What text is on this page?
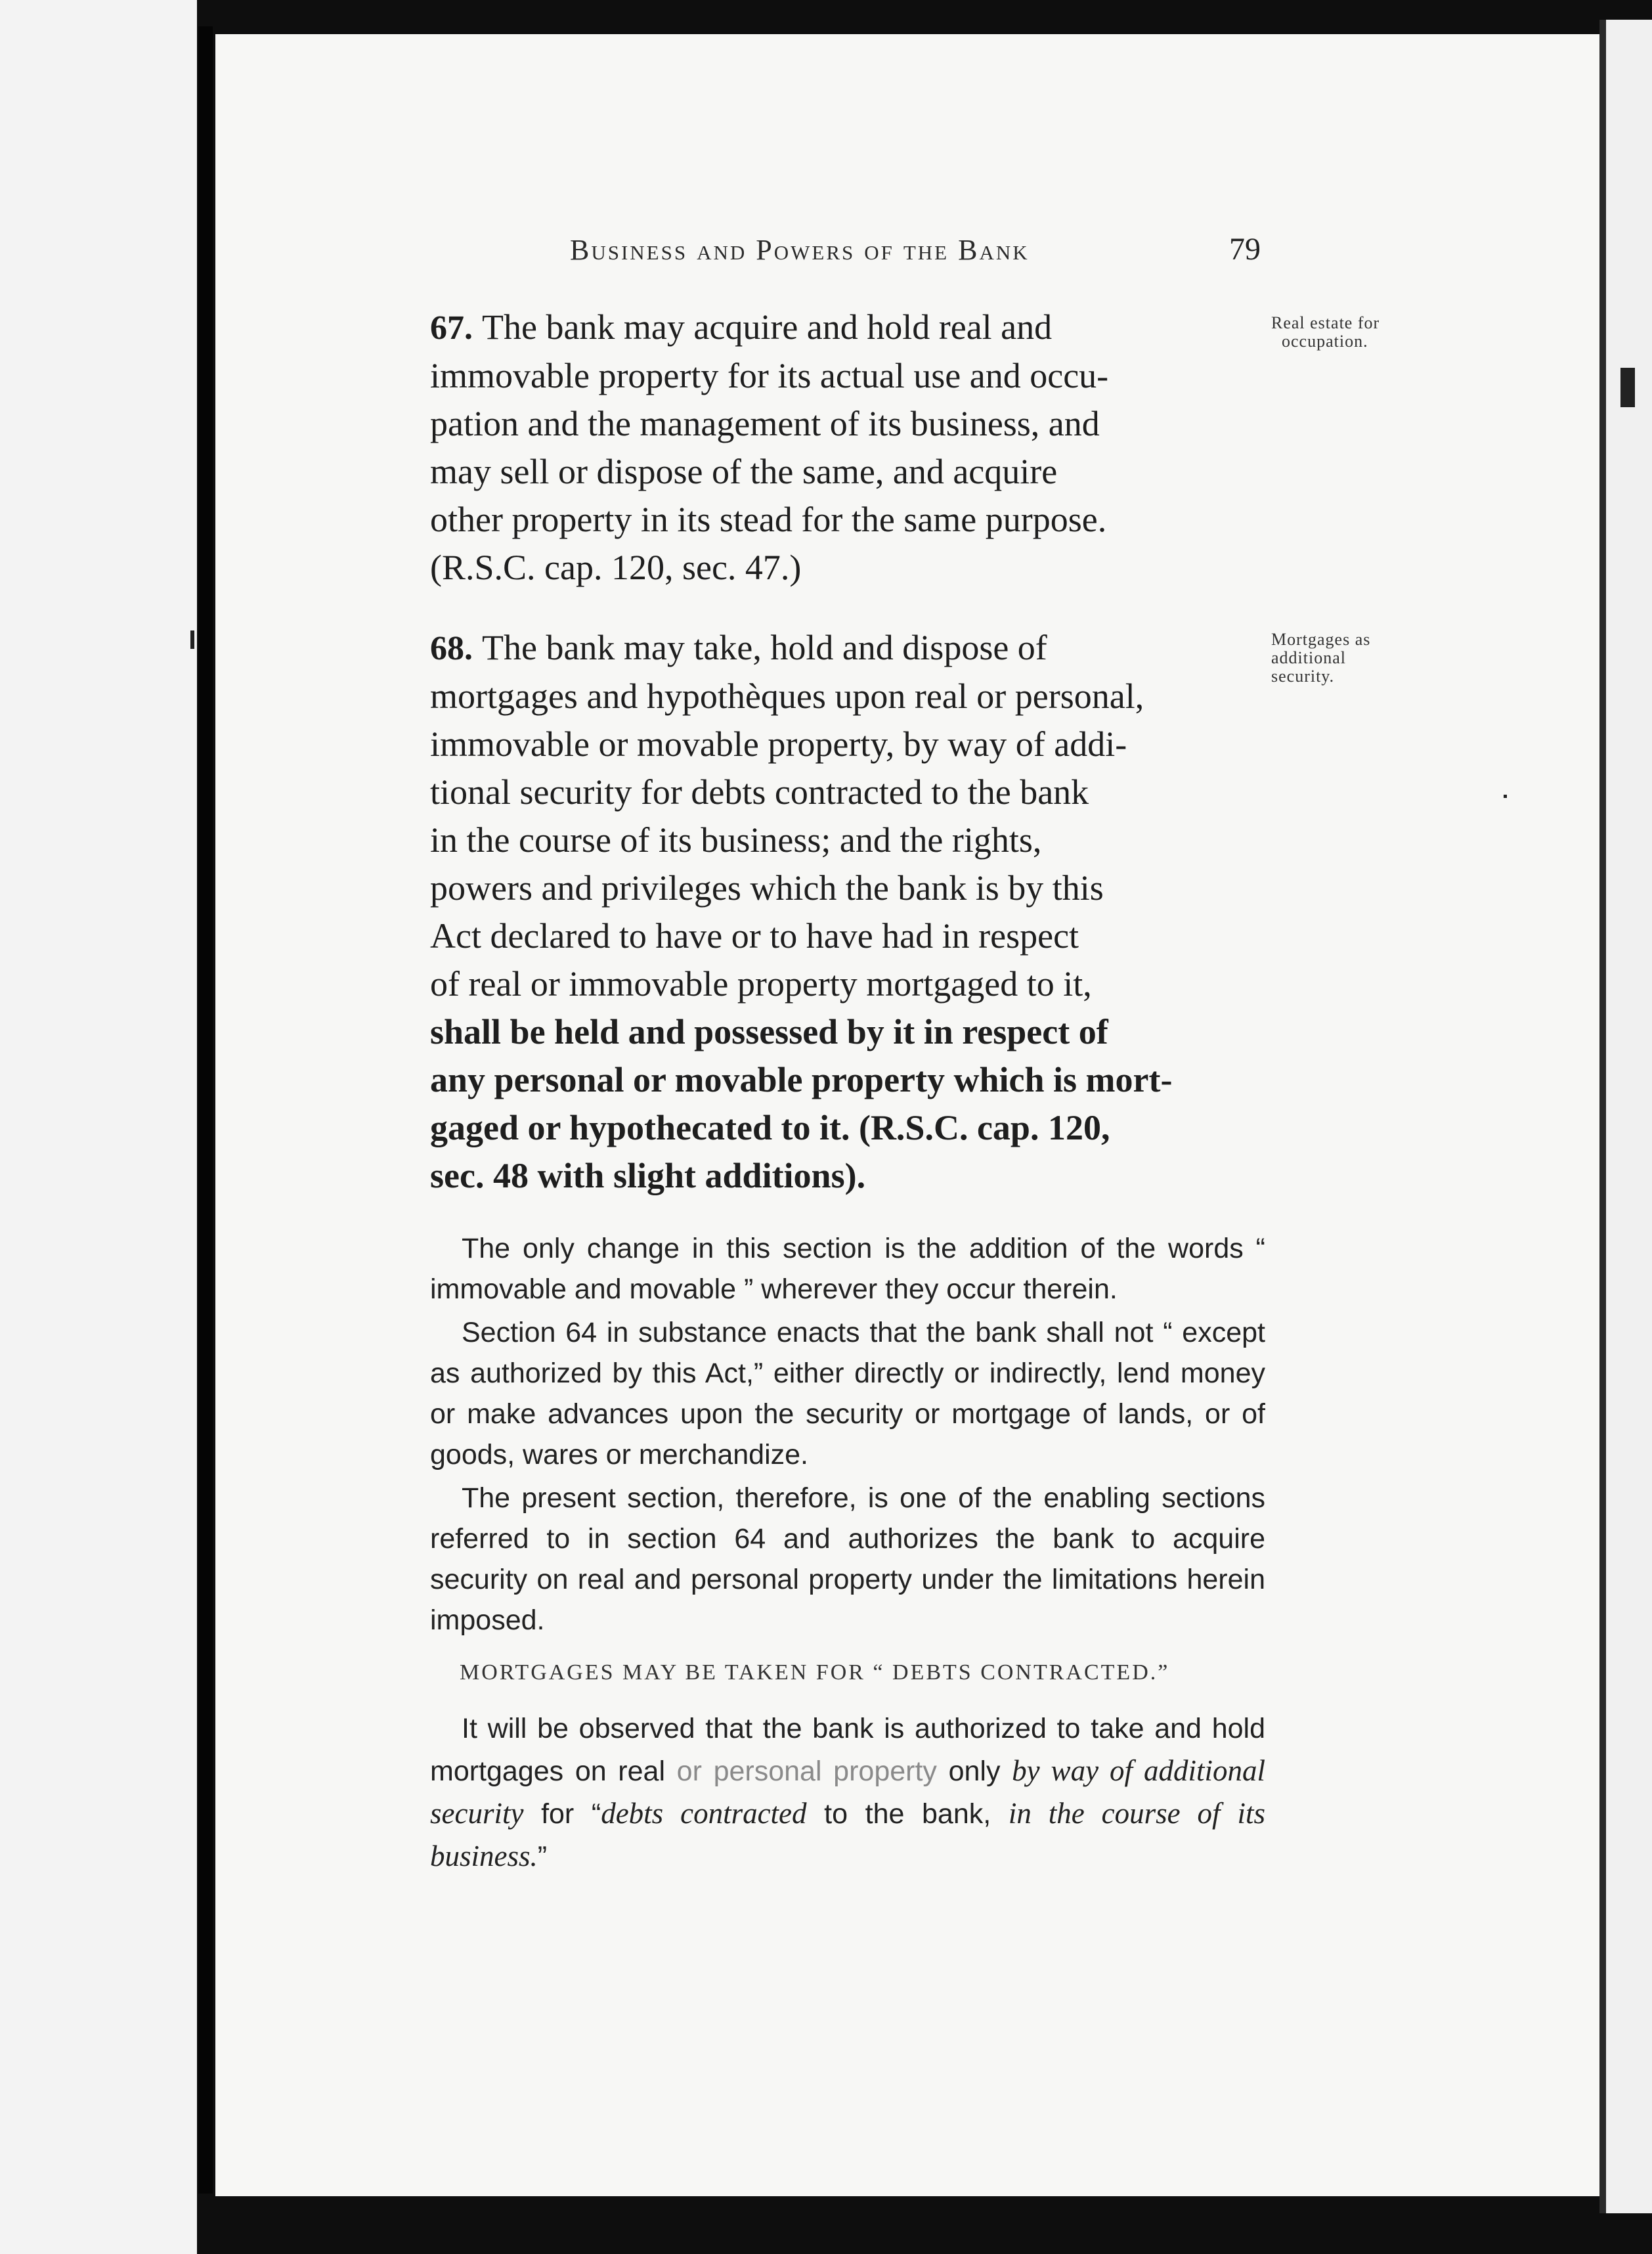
Business and Powers of the Bank	79
Real estate for
occupation.
67. The bank may acquire and hold real and
immovable property for its actual use and occu-
pation and the management of its business, and
may sell or dispose of the same, and acquire
other property in its stead for the same purpose.
(R.S.C. cap. 120, sec. 47.)
Mortgages as
additional
security.
68. The bank may take, hold and dispose of
mortgages and hypothèques upon real or personal,
immovable or movable property, by way of addi-
tional security for debts contracted to the bank
in the course of its business; and the rights,
powers and privileges which the bank is by this
Act declared to have or to have had in respect
of real or immovable property mortgaged to it,
shall be held and possessed by it in respect of
any personal or movable property which is mort-
gaged or hypothecated to it. (R.S.C. cap. 120,
sec. 48 with slight additions).

The only change in this section is the addition of the words “ immovable and movable ” wherever they occur therein.

Section 64 in substance enacts that the bank shall not “ except as authorized by this Act,” either directly or indirectly, lend money or make advances upon the security or mortgage of lands, or of goods, wares or merchandize.

The present section, therefore, is one of the enabling sections referred to in section 64 and authorizes the bank to acquire security on real and personal property under the limitations herein imposed.

MORTGAGES MAY BE TAKEN FOR “ DEBTS CONTRACTED.”
It will be observed that the bank is authorized to take and hold mortgages on real or personal property only by way of additional security for “debts contracted to the bank, in the course of its business.”
